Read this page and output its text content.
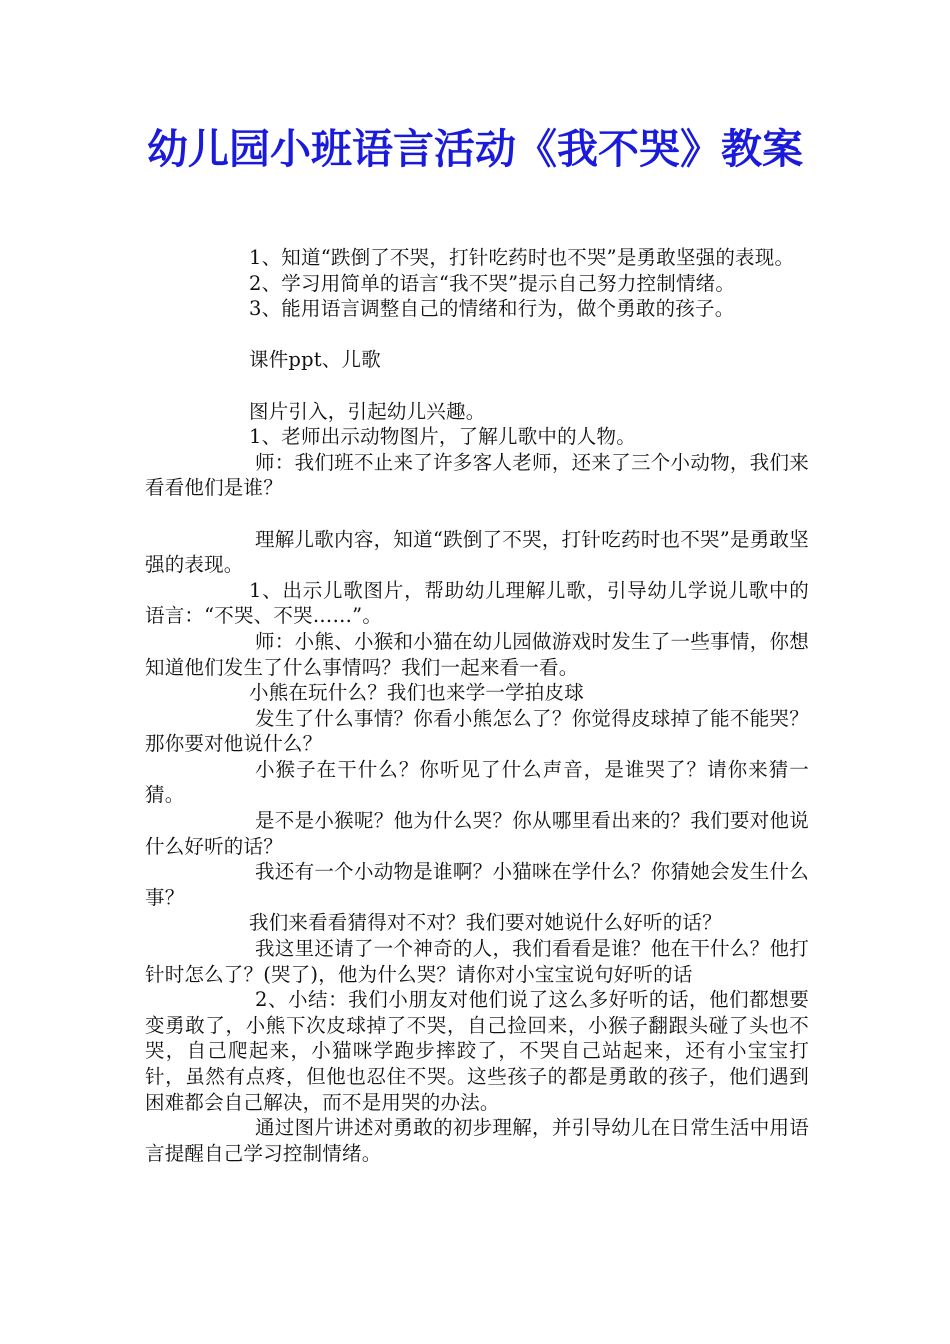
幼儿园小班语言活动《我不哭》教案

1、知道“跌倒了不哭，打针吃药时也不哭”是勇敢坚强的表现。

2、学习用简单的语言“我不哭”提示自己努力控制情绪。

3、能用语言调整自己的情绪和行为，做个勇敢的孩子。

课件ppt、儿歌

图片引入，引起幼儿兴趣。

1、老师出示动物图片，了解儿歌中的人物。

师：我们班不止来了许多客人老师，还来了三个小动物，我们来看看他们是谁？

理解儿歌内容，知道“跌倒了不哭，打针吃药时也不哭”是勇敢坚强的表现。

1、出示儿歌图片，帮助幼儿理解儿歌，引导幼儿学说儿歌中的语言：“不哭、不哭……”。

师：小熊、小猴和小猫在幼儿园做游戏时发生了一些事情，你想知道他们发生了什么事情吗？我们一起来看一看。

小熊在玩什么？我们也来学一学拍皮球

发生了什么事情？你看小熊怎么了？你觉得皮球掉了能不能哭？那你要对他说什么？

小猴子在干什么？你听见了什么声音，是谁哭了？请你来猜一猜。

是不是小猴呢？他为什么哭？你从哪里看出来的？我们要对他说什么好听的话？

我还有一个小动物是谁啊？小猫咪在学什么？你猜她会发生什么事？

我们来看看猜得对不对？我们要对她说什么好听的话？

我这里还请了一个神奇的人，我们看看是谁？他在干什么？他打针时怎么了？(哭了)，他为什么哭？请你对小宝宝说句好听的话

2、小结：我们小朋友对他们说了这么多好听的话，他们都想要变勇敢了，小熊下次皮球掉了不哭，自己捡回来，小猴子翻跟头碰了头也不哭，自己爬起来，小猫咪学跑步摔跤了，不哭自己站起来，还有小宝宝打针，虽然有点疼，但他也忍住不哭。这些孩子的都是勇敢的孩子，他们遇到困难都会自己解决，而不是用哭的办法。

通过图片讲述对勇敢的初步理解，并引导幼儿在日常生活中用语言提醒自己学习控制情绪。
